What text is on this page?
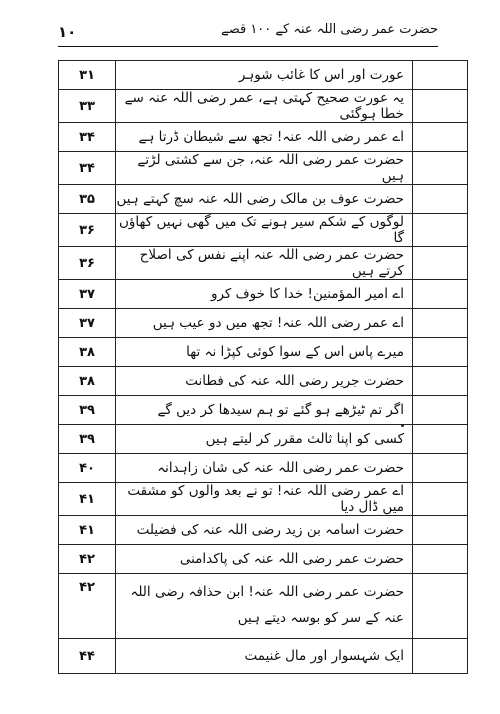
۱۰	حضرت عمر رضی اللہ عنہ کے ۱۰۰ قصے
۳۱	عورت اور اس کا غائب شوہر	
۳۳	یہ عورت صحیح کہتی ہے، عمر رضی اللہ عنہ سے خطا ہوگئی	
۳۴	اے عمر رضی اللہ عنہ! تجھ سے شیطان ڈرتا ہے	
۳۴	حضرت عمر رضی اللہ عنہ، جن سے کشتی لڑتے ہیں	
۳۵	حضرت عوف بن مالک رضی اللہ عنہ سچ کہتے ہیں	
۳۶	لوگوں کے شکم سیر ہونے تک میں گھی نہیں کھاؤں گا	
۳۶	حضرت عمر رضی اللہ عنہ اپنے نفس کی اصلاح کرتے ہیں	
۳۷	اے امیر المؤمنین! خدا کا خوف کرو	
۳۷	اے عمر رضی اللہ عنہ! تجھ میں دو عیب ہیں	
۳۸	میرے پاس اس کے سوا کوئی کپڑا نہ تھا	
۳۸	حضرت جریر رضی اللہ عنہ کی فطانت	
۳۹	اگر تم ٹیڑھے ہو گئے تو ہم سیدھا کر دیں گے	
۳۹	کسی کو اپنا ثالث مقرر کر لیتے ہیں	
۴۰	حضرت عمر رضی اللہ عنہ کی شان زاہدانہ	
۴۱	اے عمر رضی اللہ عنہ! تو نے بعد والوں کو مشقت میں ڈال دیا	
۴۱	حضرت اسامہ بن زید رضی اللہ عنہ کی فضیلت	
۴۲	حضرت عمر رضی اللہ عنہ کی پاکدامنی	
۴۲	حضرت عمر رضی اللہ عنہ! ابن حذافہ رضی اللہ عنہ کے سر کو بوسہ دیتے ہیں	
۴۴	ایک شہسوار اور مال غنیمت	
